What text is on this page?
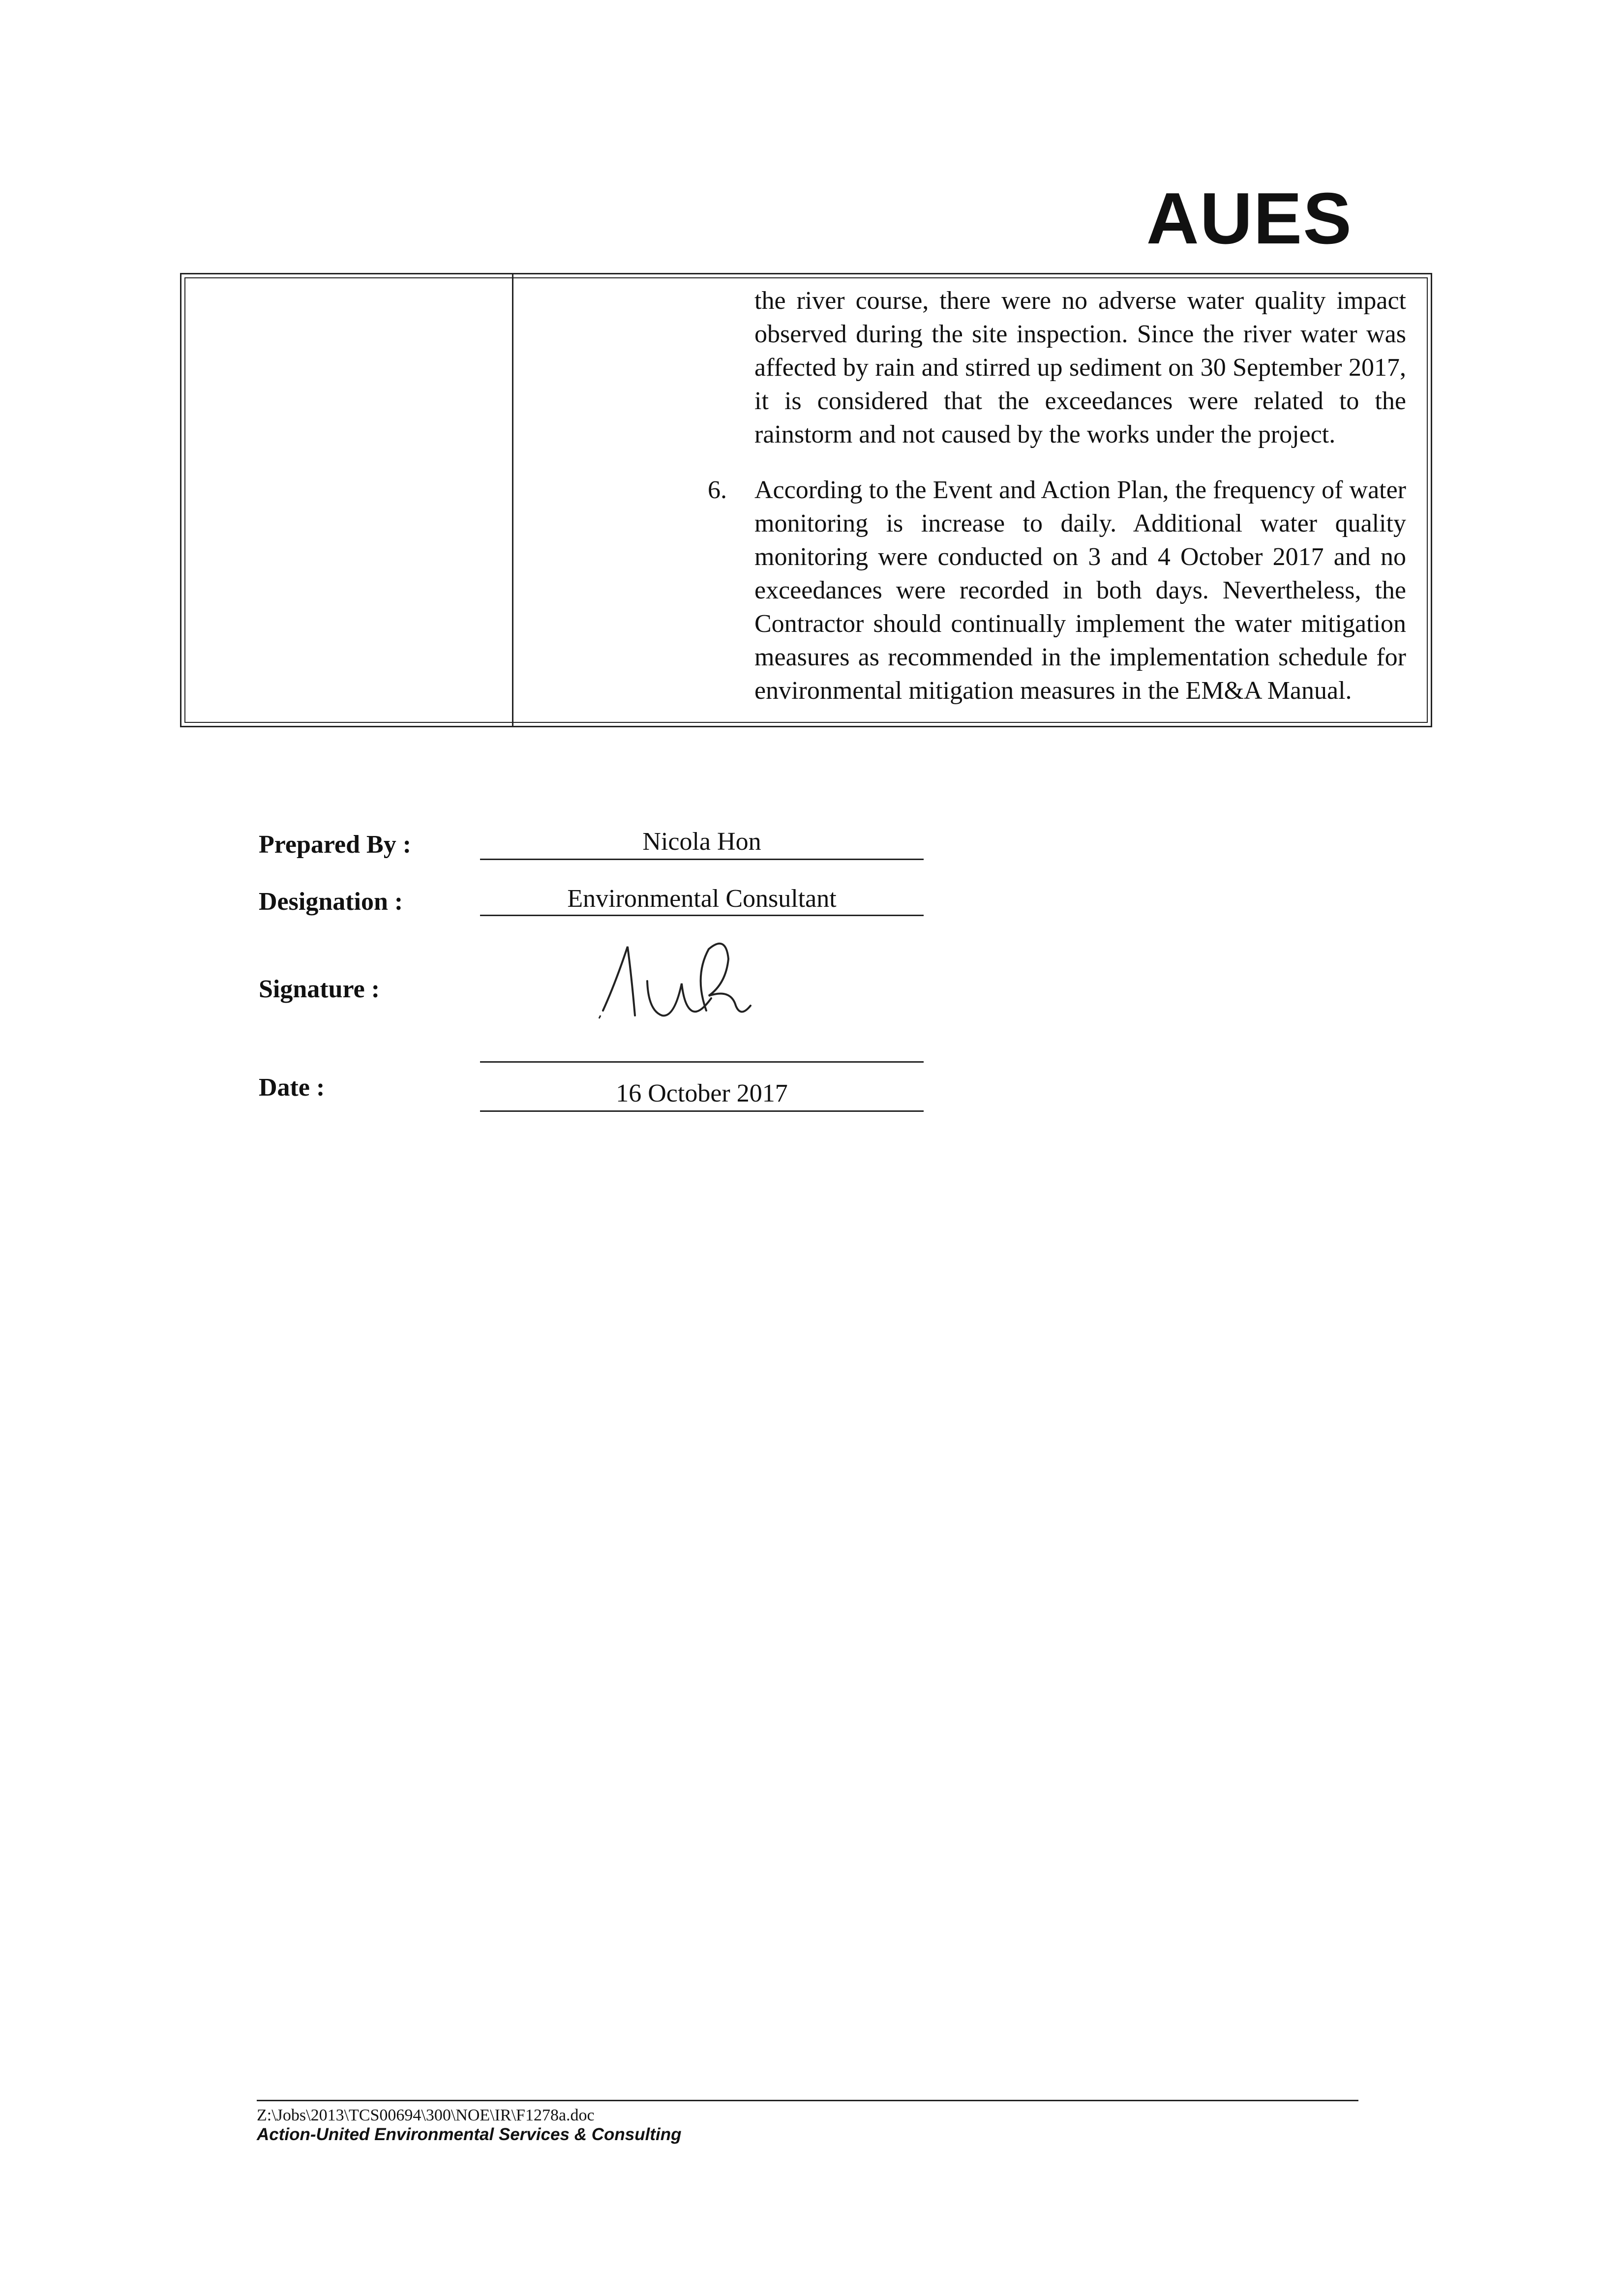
AUES

the river course, there were no adverse water quality impact observed during the site inspection. Since the river water was affected by rain and stirred up sediment on 30 September 2017, it is considered that the exceedances were related to the rainstorm and not caused by the works under the project.

6.	According to the Event and Action Plan, the frequency of water monitoring is increase to daily. Additional water quality monitoring were conducted on 3 and 4 October 2017 and no exceedances were recorded in both days. Nevertheless, the Contractor should continually implement the water mitigation measures as recommended in the implementation schedule for environmental mitigation measures in the EM&A Manual.

Prepared By :	Nicola Hon
Designation :	Environmental Consultant
Signature :
Date :	16 October 2017
Z:\Jobs\2013\TCS00694\300\NOE\IR\F1278a.doc
Action-United Environmental Services & Consulting
